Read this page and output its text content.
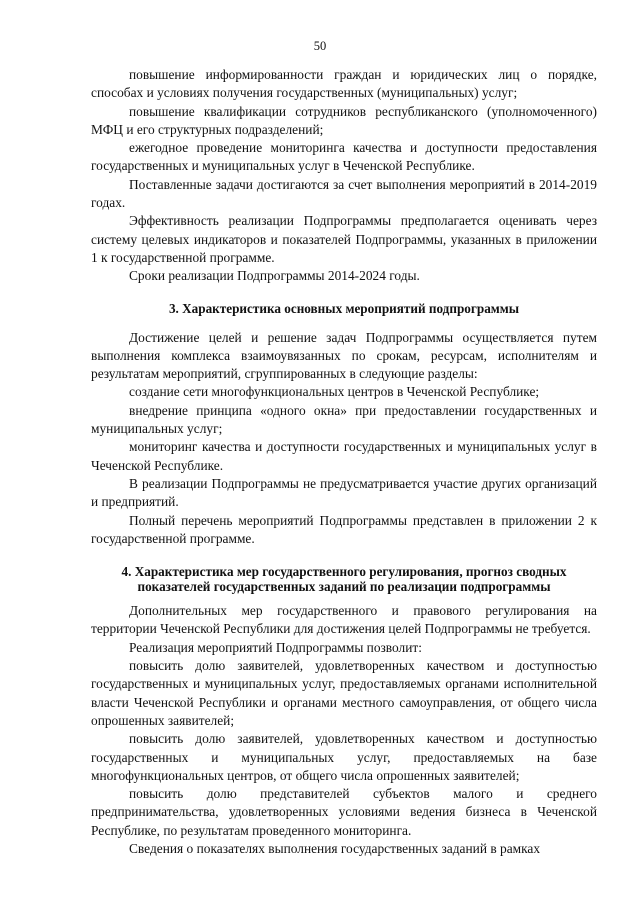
50

повышение информированности граждан и юридических лиц о порядке, способах и условиях получения государственных (муниципальных) услуг;

повышение квалификации сотрудников республиканского (уполномоченного) МФЦ и его структурных подразделений;

ежегодное проведение мониторинга качества и доступности предоставления государственных и муниципальных услуг в Чеченской Республике.

Поставленные задачи достигаются за счет выполнения мероприятий в 2014-2019 годах.

Эффективность реализации Подпрограммы предполагается оценивать через систему целевых индикаторов и показателей Подпрограммы, указанных в приложении 1 к государственной программе.

Сроки реализации Подпрограммы 2014-2024 годы.

3. Характеристика основных мероприятий подпрограммы

Достижение целей и решение задач Подпрограммы осуществляется путем выполнения комплекса взаимоувязанных по срокам, ресурсам, исполнителям и результатам мероприятий, сгруппированных в следующие разделы:

создание сети многофункциональных центров в Чеченской Республике;

внедрение принципа «одного окна» при предоставлении государственных и муниципальных услуг;

мониторинг качества и доступности государственных и муниципальных услуг в Чеченской Республике.

В реализации Подпрограммы не предусматривается участие других организаций и предприятий.

Полный перечень мероприятий Подпрограммы представлен в приложении 2 к государственной программе.

4. Характеристика мер государственного регулирования, прогноз сводных
показателей государственных заданий по реализации подпрограммы

Дополнительных мер государственного и правового регулирования на территории Чеченской Республики для достижения целей Подпрограммы не требуется.

Реализация мероприятий Подпрограммы позволит:

повысить долю заявителей, удовлетворенных качеством и доступностью государственных и муниципальных услуг, предоставляемых органами исполнительной власти Чеченской Республики и органами местного самоуправления, от общего числа опрошенных заявителей;

повысить долю заявителей, удовлетворенных качеством и доступностью государственных и муниципальных услуг, предоставляемых на базе многофункциональных центров, от общего числа опрошенных заявителей;

повысить долю представителей субъектов малого и среднего предпринимательства, удовлетворенных условиями ведения бизнеса в Чеченской Республике, по результатам проведенного мониторинга.

Сведения о показателях выполнения государственных заданий в рамках
